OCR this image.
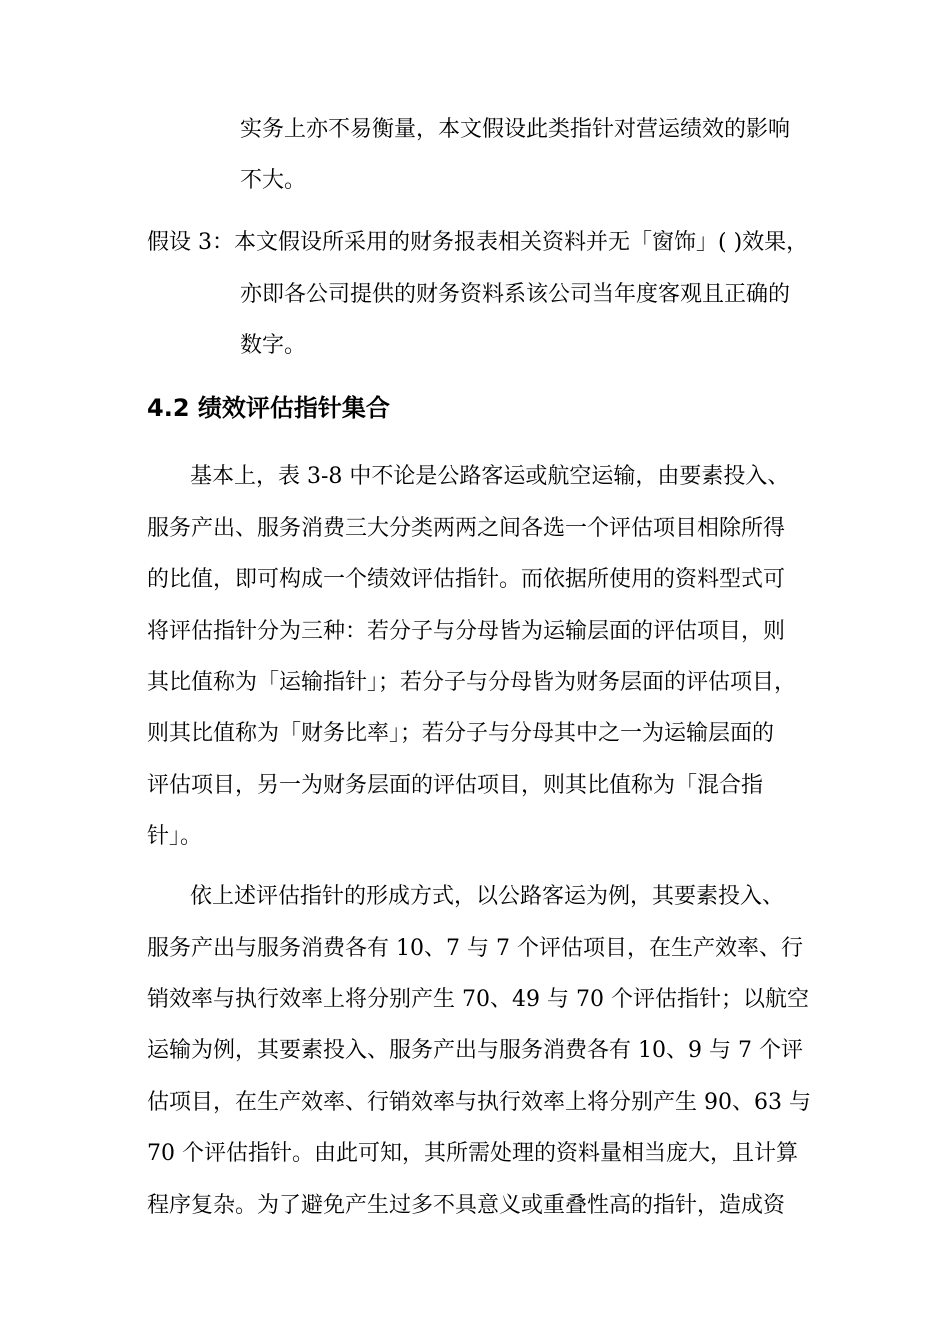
实务上亦不易衡量，本文假设此类指针对营运绩效的影响
不大。
假设 3：本文假设所采用的财务报表相关资料并无「窗饰」( )效果，
亦即各公司提供的财务资料系该公司当年度客观且正确的
数字。
4.2 绩效评估指针集合
基本上，表 3-8 中不论是公路客运或航空运输，由要素投入、
服务产出、服务消费三大分类两两之间各选一个评估项目相除所得
的比值，即可构成一个绩效评估指针。而依据所使用的资料型式可
将评估指针分为三种：若分子与分母皆为运输层面的评估项目，则
其比值称为「运输指针」；若分子与分母皆为财务层面的评估项目，
则其比值称为「财务比率」；若分子与分母其中之一为运输层面的
评估项目，另一为财务层面的评估项目，则其比值称为「混合指
针」。
依上述评估指针的形成方式，以公路客运为例，其要素投入、
服务产出与服务消费各有 10、7 与 7 个评估项目，在生产效率、行
销效率与执行效率上将分别产生 70、49 与 70 个评估指针；以航空
运输为例，其要素投入、服务产出与服务消费各有 10、9 与 7 个评
估项目，在生产效率、行销效率与执行效率上将分别产生 90、63 与
70 个评估指针。由此可知，其所需处理的资料量相当庞大，且计算
程序复杂。为了避免产生过多不具意义或重叠性高的指针，造成资
